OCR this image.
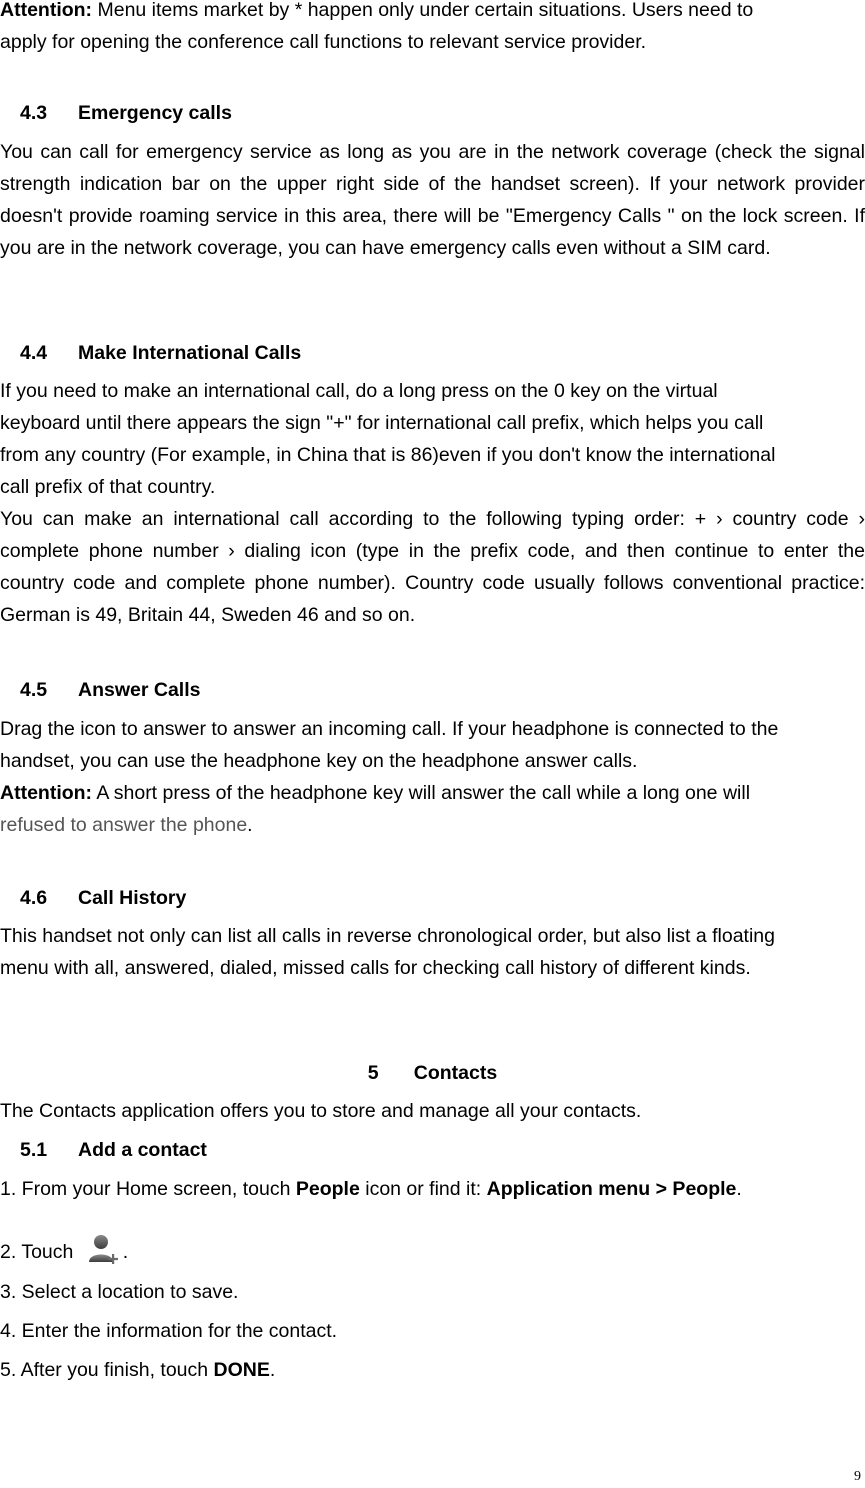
Attention: Menu items market by * happen only under certain situations. Users need to
apply for opening the conference call functions to relevant service provider.
4.3 Emergency calls

You can call for emergency service as long as you are in the network coverage (check the signal strength indication bar on the upper right side of the handset screen). If your network provider doesn't provide roaming service in this area, there will be "Emergency Calls " on the lock screen. If you are in the network coverage, you can have emergency calls even without a SIM card.

4.4 Make International Calls
If you need to make an international call, do a long press on the 0 key on the virtual
keyboard until there appears the sign "+" for international call prefix, which helps you call
from any country (For example, in China that is 86)even if you don't know the international
call prefix of that country.

You can make an international call according to the following typing order: + › country code › complete phone number › dialing icon (type in the prefix code, and then continue to enter the country code and complete phone number). Country code usually follows conventional practice: German is 49, Britain 44, Sweden 46 and so on.

4.5 Answer Calls
Drag the icon to answer to answer an incoming call. If your headphone is connected to the
handset, you can use the headphone key on the headphone answer calls.
Attention: A short press of the headphone key will answer the call while a long one will
refused to answer the phone.
4.6 Call History
This handset not only can list all calls in reverse chronological order, but also list a floating
menu with all, answered, dialed, missed calls for checking call history of different kinds.
5 Contacts
The Contacts application offers you to store and manage all your contacts.
5.1 Add a contact
1. From your Home screen, touch People icon or find it: Application menu > People.
2. Touch .
3. Select a location to save.
4. Enter the information for the contact.
5. After you finish, touch DONE.
9
